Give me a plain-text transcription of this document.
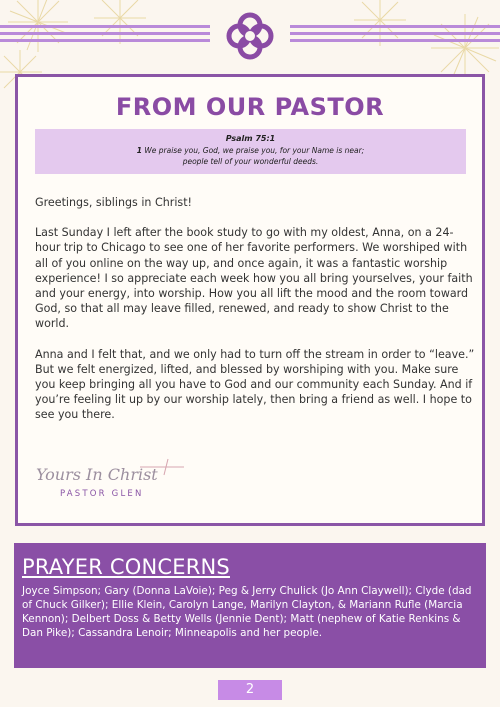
FROM OUR PASTOR
Psalm 75:1
1 We praise you, God, we praise you, for your Name is near;
people tell of your wonderful deeds.

Greetings, siblings in Christ!

Last Sunday I left after the book study to go with my oldest, Anna, on a 24-hour trip to Chicago to see one of her favorite performers. We worshiped with all of you online on the way up, and once again, it was a fantastic worship experience! I so appreciate each week how you all bring yourselves, your faith and your energy, into worship. How you all lift the mood and the room toward God, so that all may leave filled, renewed, and ready to show Christ to the world.

Anna and I felt that, and we only had to turn off the stream in order to “leave.” But we felt energized, lifted, and blessed by worshiping with you. Make sure you keep bringing all you have to God and our community each Sunday. And if you’re feeling lit up by our worship lately, then bring a friend as well. I hope to see you there.

Yours In Christ
PASTOR GLEN
PRAYER CONCERNS
Joyce Simpson; Gary (Donna LaVoie); Peg & Jerry Chulick (Jo Ann Claywell); Clyde (dad of Chuck Gilker); Ellie Klein, Carolyn Lange, Marilyn Clayton, & Mariann Rufle (Marcia Kennon); Delbert Doss & Betty Wells (Jennie Dent); Matt (nephew of Katie Renkins & Dan Pike); Cassandra Lenoir; Minneapolis and her people.
2
